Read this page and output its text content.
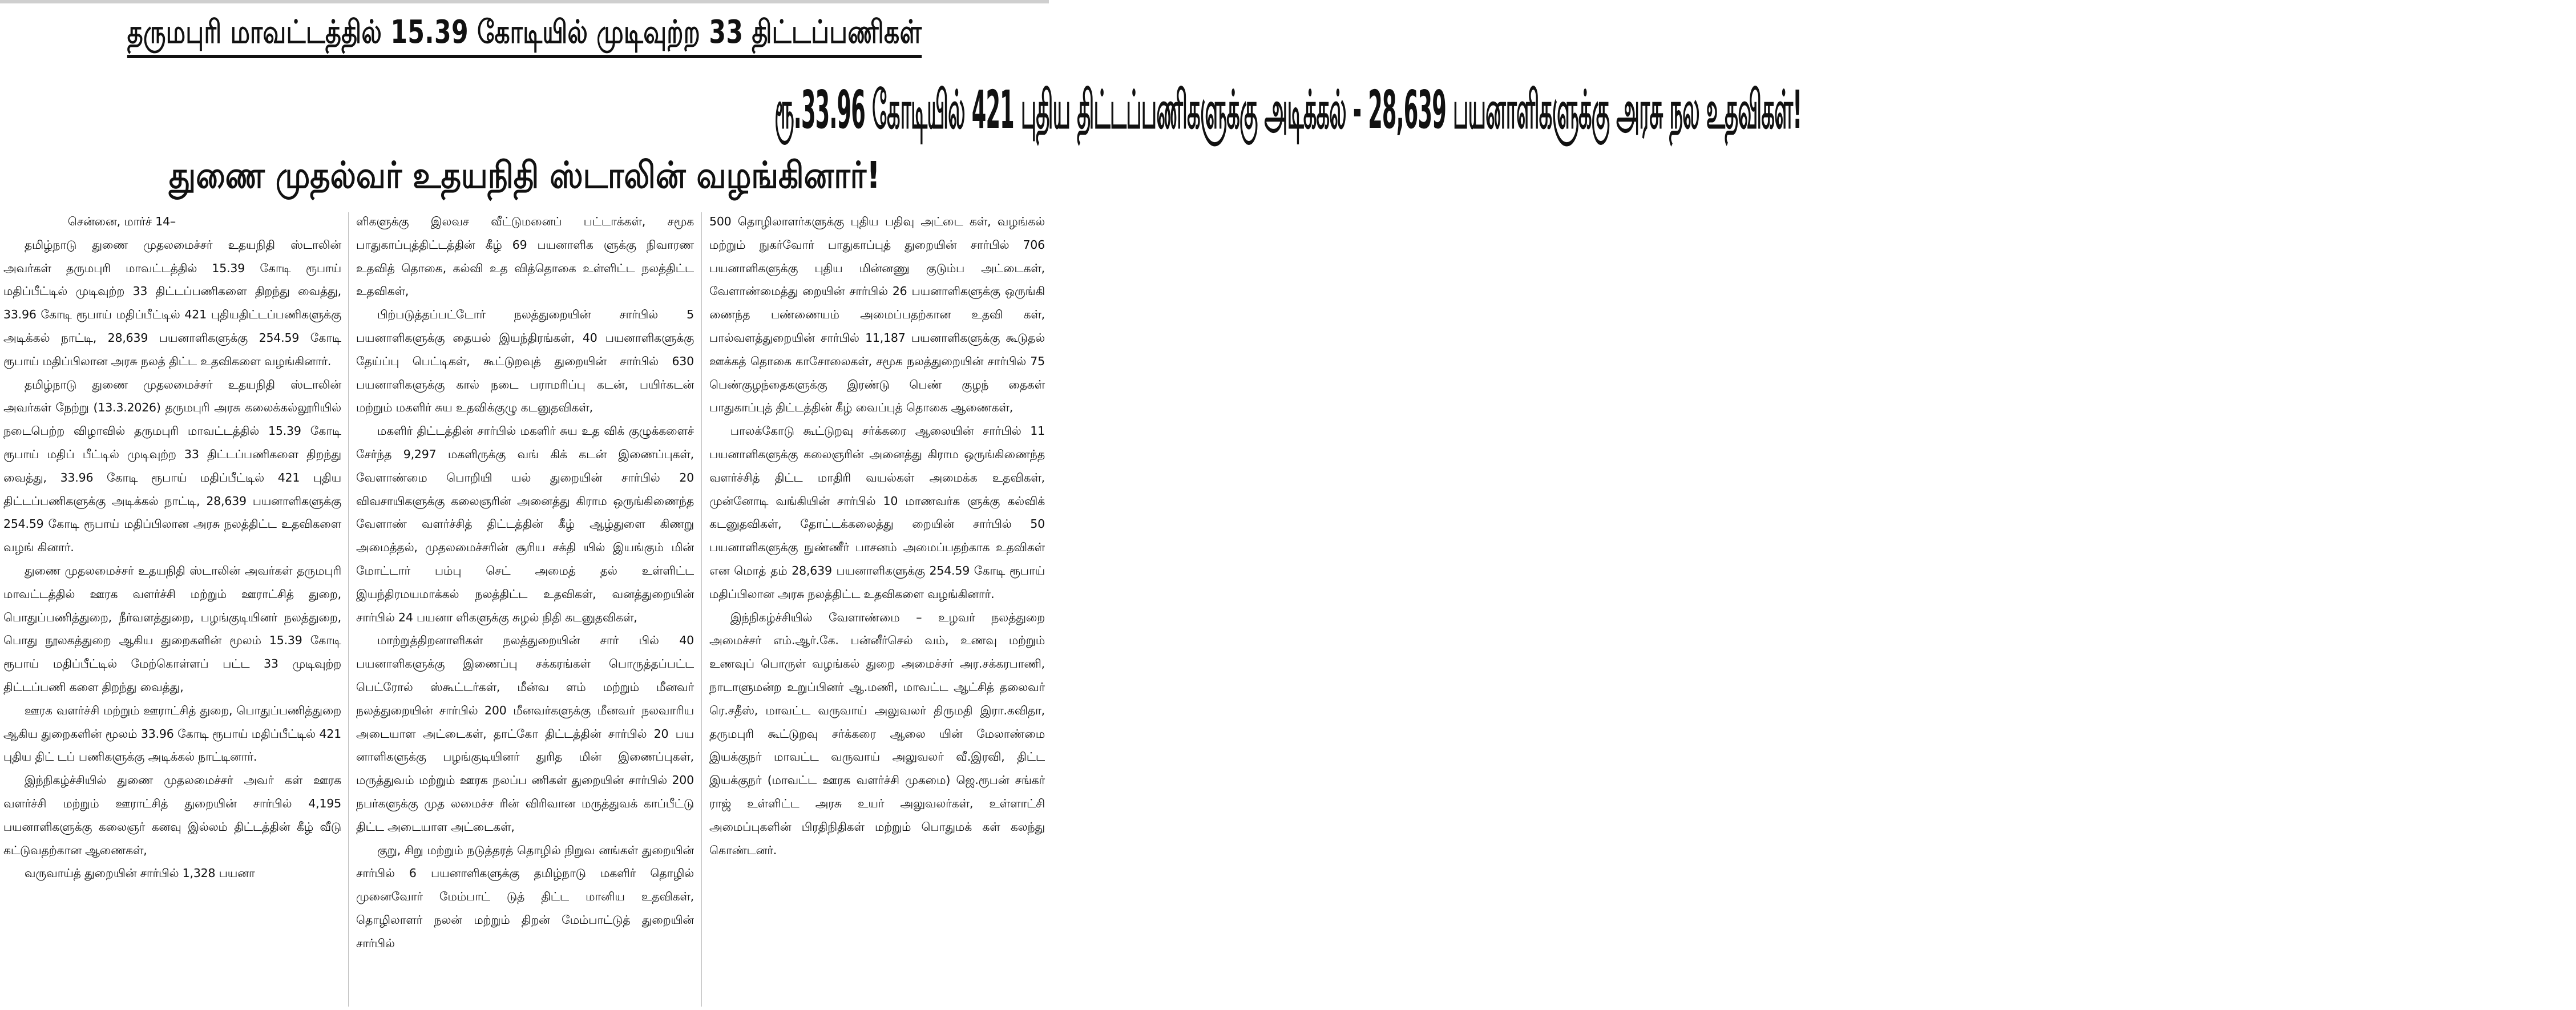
தருமபுரி மாவட்டத்தில் 15.39 கோடியில் முடிவுற்ற 33 திட்டப்பணிகள்
ரூ.33.96 கோடியில் 421 புதிய திட்டப்பணிகளுக்கு அடிக்கல் - 28,639 பயனாளிகளுக்கு அரசு நல உதவிகள்!
துணை முதல்வர் உதயநிதி ஸ்டாலின் வழங்கினார்!

சென்னை, மார்ச் 14–

தமிழ்நாடு துணை முதலமைச்சர் உதயநிதி ஸ்டாலின் அவர்கள் தருமபுரி மாவட்டத்தில் 15.39 கோடி ரூபாய் மதிப்பீட்டில் முடிவுற்ற 33 திட்டப்பணிகளை திறந்து வைத்து, 33.96 கோடி ரூபாய் மதிப்பீட்டில் 421 புதியதிட்டப்பணிகளுக்கு அடிக்கல் நாட்டி, 28,639 பயனாளிகளுக்கு 254.59 கோடி ரூபாய் மதிப்பிலான அரசு நலத் திட்ட உதவிகளை வழங்கினார்.

தமிழ்நாடு துணை முதலமைச்சர் உதயநிதி ஸ்டாலின் அவர்கள் நேற்று (13.3.2026) தருமபுரி அரசு கலைக்கல்லூரியில் நடைபெற்ற விழாவில் தருமபுரி மாவட்டத்தில் 15.39 கோடி ரூபாய் மதிப் பீட்டில் முடிவுற்ற 33 திட்டப்பணிகளை திறந்து வைத்து, 33.96 கோடி ரூபாய் மதிப்பீட்டில் 421 புதிய திட்டப்பணிகளுக்கு அடிக்கல் நாட்டி, 28,639 பயனாளிகளுக்கு 254.59 கோடி ரூபாய் மதிப்பிலான அரசு நலத்திட்ட உதவிகளை வழங் கினார்.

துணை முதலமைச்சர் உதயநிதி ஸ்டாலின் அவர்கள் தருமபுரி மாவட்டத்தில் ஊரக வளர்ச்சி மற்றும் ஊராட்சித் துறை, பொதுப்பணித்துறை, நீர்வளத்துறை, பழங்குடியினர் நலத்துறை, பொது நூலகத்துறை ஆகிய துறைகளின் மூலம் 15.39 கோடி ரூபாய் மதிப்பீட்டில் மேற்கொள்ளப் பட்ட 33 முடிவுற்ற திட்டப்பணி களை திறந்து வைத்து,

ஊரக வளர்ச்சி மற்றும் ஊராட்சித் துறை, பொதுப்பணித்துறை ஆகிய துறைகளின் மூலம் 33.96 கோடி ரூபாய் மதிப்பீட்டில் 421 புதிய திட் டப் பணிகளுக்கு அடிக்கல் நாட்டினார்.

இந்நிகழ்ச்சியில் துணை முதலமைச்சர் அவர் கள் ஊரக வளர்ச்சி மற்றும் ஊராட்சித் துறையின் சார்பில் 4,195 பயனாளிகளுக்கு கலைஞர் கனவு இல்லம் திட்டத்தின் கீழ் வீடு கட்டுவதற்கான ஆணைகள்,

வருவாய்த் துறையின் சார்பில் 1,328 பயனா

ளிகளுக்கு இலவச வீட்டுமனைப் பட்டாக்கள், சமூக பாதுகாப்புத்திட்டத்தின் கீழ் 69 பயனாளிக ளுக்கு நிவாரண உதவித் தொகை, கல்வி உத வித்தொகை உள்ளிட்ட நலத்திட்ட உதவிகள்,

பிற்படுத்தப்பட்டோர் நலத்துறையின் சார்பில் 5 பயனாளிகளுக்கு தையல் இயந்திரங்கள், 40 பயனாளிகளுக்கு தேய்ப்பு பெட்டிகள், கூட்டுறவுத் துறையின் சார்பில் 630 பயனாளிகளுக்கு கால் நடை பராமரிப்பு கடன், பயிர்கடன் மற்றும் மகளிர் சுய உதவிக்குழு கடனுதவிகள்,

மகளிர் திட்டத்தின் சார்பில் மகளிர் சுய உத விக் குழுக்களைச் சேர்ந்த 9,297 மகளிருக்கு வங் கிக் கடன் இணைப்புகள், வேளாண்மை பொறியி யல் துறையின் சார்பில் 20 விவசாயிகளுக்கு கலைஞரின் அனைத்து கிராம ஒருங்கிணைந்த வேளாண் வளர்ச்சித் திட்டத்தின் கீழ் ஆழ்துளை கிணறு அமைத்தல், முதலமைச்சரின் சூரிய சக்தி யில் இயங்கும் மின் மோட்டார் பம்பு செட் அமைத் தல் உள்ளிட்ட இயந்திரமயமாக்கல் நலத்திட்ட உதவிகள், வனத்துறையின் சார்பில் 24 பயனா ளிகளுக்கு சுழல் நிதி கடனுதவிகள்,

மாற்றுத்திறனாளிகள் நலத்துறையின் சார் பில் 40 பயனாளிகளுக்கு இணைப்பு சக்கரங்கள் பொருத்தப்பட்ட பெட்ரோல் ஸ்கூட்டர்கள், மீன்வ ளம் மற்றும் மீனவர் நலத்துறையின் சார்பில் 200 மீனவர்களுக்கு மீனவர் நலவாரிய அடையாள அட்டைகள், தாட்கோ திட்டத்தின் சார்பில் 20 பய னாளிகளுக்கு பழங்குடியினர் துரித மின் இணைப்புகள், மருத்துவம் மற்றும் ஊரக நலப்ப ணிகள் துறையின் சார்பில் 200 நபர்களுக்கு முத லமைச்ச ரின் விரிவான மருத்துவக் காப்பீட்டு திட்ட அடையாள அட்டைகள்,

குறு, சிறு மற்றும் நடுத்தரத் தொழில் நிறுவ னங்கள் துறையின் சார்பில் 6 பயனாளிகளுக்கு தமிழ்நாடு மகளிர் தொழில் முனைவோர் மேம்பாட் டுத் திட்ட மானிய உதவிகள், தொழிலாளர் நலன் மற்றும் திறன் மேம்பாட்டுத் துறையின் சார்பில்

500 தொழிலாளர்களுக்கு புதிய பதிவு அட்டை கள், வழங்கல் மற்றும் நுகர்வோர் பாதுகாப்புத் துறையின் சார்பில் 706 பயனாளிகளுக்கு புதிய மின்னணு குடும்ப அட்டைகள், வேளாண்மைத்து றையின் சார்பில் 26 பயனாளிகளுக்கு ஒருங்கி ணைந்த பண்ணையம் அமைப்பதற்கான உதவி கள், பால்வளத்துறையின் சார்பில் 11,187 பயனாளிகளுக்கு கூடுதல் ஊக்கத் தொகை காசோலைகள், சமூக நலத்துறையின் சார்பில் 75 பெண்குழந்தைகளுக்கு இரண்டு பெண் குழந் தைகள் பாதுகாப்புத் திட்டத்தின் கீழ் வைப்புத் தொகை ஆணைகள்,

பாலக்கோடு கூட்டுறவு சர்க்கரை ஆலையின் சார்பில் 11 பயனாளிகளுக்கு கலைஞரின் அனைத்து கிராம ஒருங்கிணைந்த வளர்ச்சித் திட்ட மாதிரி வயல்கள் அமைக்க உதவிகள், முன்னோடி வங்கியின் சார்பில் 10 மாணவர்க ளுக்கு கல்விக் கடனுதவிகள், தோட்டக்கலைத்து றையின் சார்பில் 50 பயனாளிகளுக்கு நுண்ணீர் பாசனம் அமைப்பதற்காக உதவிகள் என மொத் தம் 28,639 பயனாளிகளுக்கு 254.59 கோடி ரூபாய் மதிப்பிலான அரசு நலத்திட்ட உதவிகளை வழங்கினார்.

இந்நிகழ்ச்சியில் வேளாண்மை – உழவர் நலத்துறை அமைச்சர் எம்.ஆர்.கே. பன்னீர்செல் வம், உணவு மற்றும் உணவுப் பொருள் வழங்கல் துறை அமைச்சர் அர.சக்கரபாணி, நாடாளுமன்ற உறுப்பினர் ஆ.மணி, மாவட்ட ஆட்சித் தலைவர் ரெ.சதீஸ், மாவட்ட வருவாய் அலுவலர் திருமதி இரா.கவிதா, தருமபுரி கூட்டுறவு சர்க்கரை ஆலை யின் மேலாண்மை இயக்குநர் மாவட்ட வருவாய் அலுவலர் வீ.இரவி, திட்ட இயக்குநர் (மாவட்ட ஊரக வளர்ச்சி முகமை) ஜெ.ரூபன் சங்கர் ராஜ் உள்ளிட்ட அரசு உயர் அலுவலர்கள், உள்ளாட்சி அமைப்புகளின் பிரதிநிதிகள் மற்றும் பொதுமக் கள் கலந்து கொண்டனர்.
